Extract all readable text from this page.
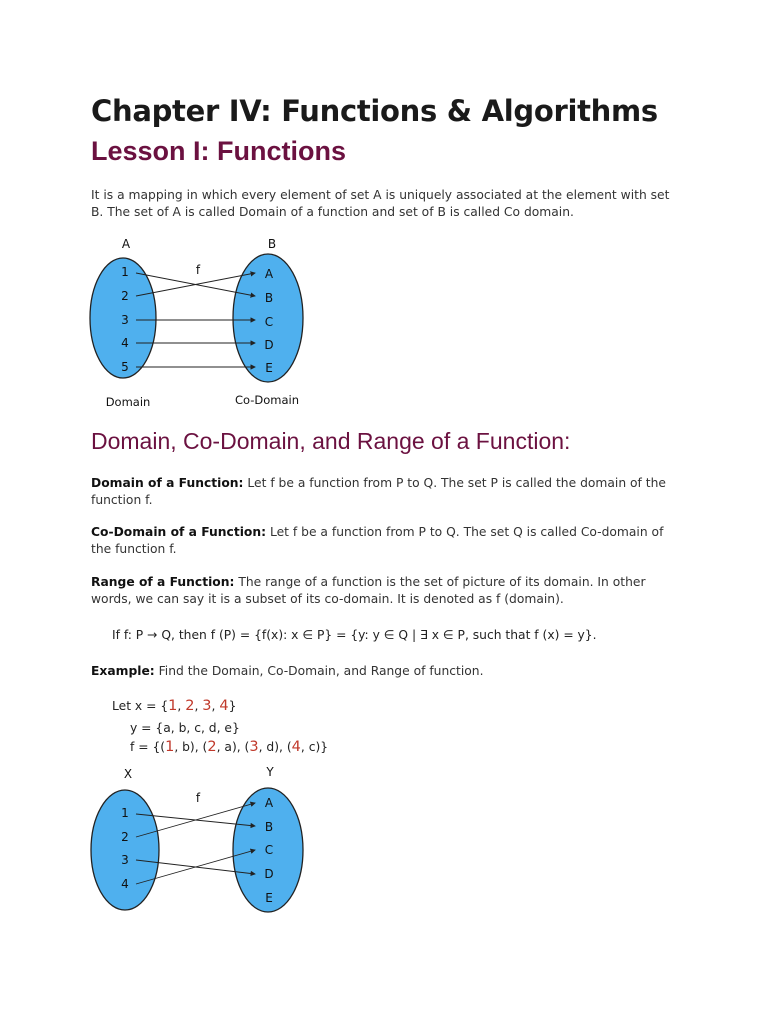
Chapter IV: Functions & Algorithms
Lesson I: Functions

It is a mapping in which every element of set A is uniquely associated at the element with set B. The set of A is called Domain of a function and set of B is called Co domain.

A	B
f
1
2
3
4
5
A
B
C
D
E
Domain	Co-Domain
Domain, Co-Domain, and Range of a Function:

Domain of a Function: Let f be a function from P to Q. The set P is called the domain of the function f.

Co-Domain of a Function: Let f be a function from P to Q. The set Q is called Co-domain of the function f.

Range of a Function: The range of a function is the set of picture of its domain. In other words, we can say it is a subset of its co-domain. It is denoted as f (domain).

If f: P → Q, then f (P) = {f(x): x ∈ P} = {y: y ∈ Q | ∃ x ∈ P, such that f (x) = y}.

Example: Find the Domain, Co-Domain, and Range of function.

Let x = {1, 2, 3, 4}
y = {a, b, c, d, e}
f = {(1, b), (2, a), (3, d), (4, c)}
X	Y
f
1
2
3
4
A
B
C
D
E
